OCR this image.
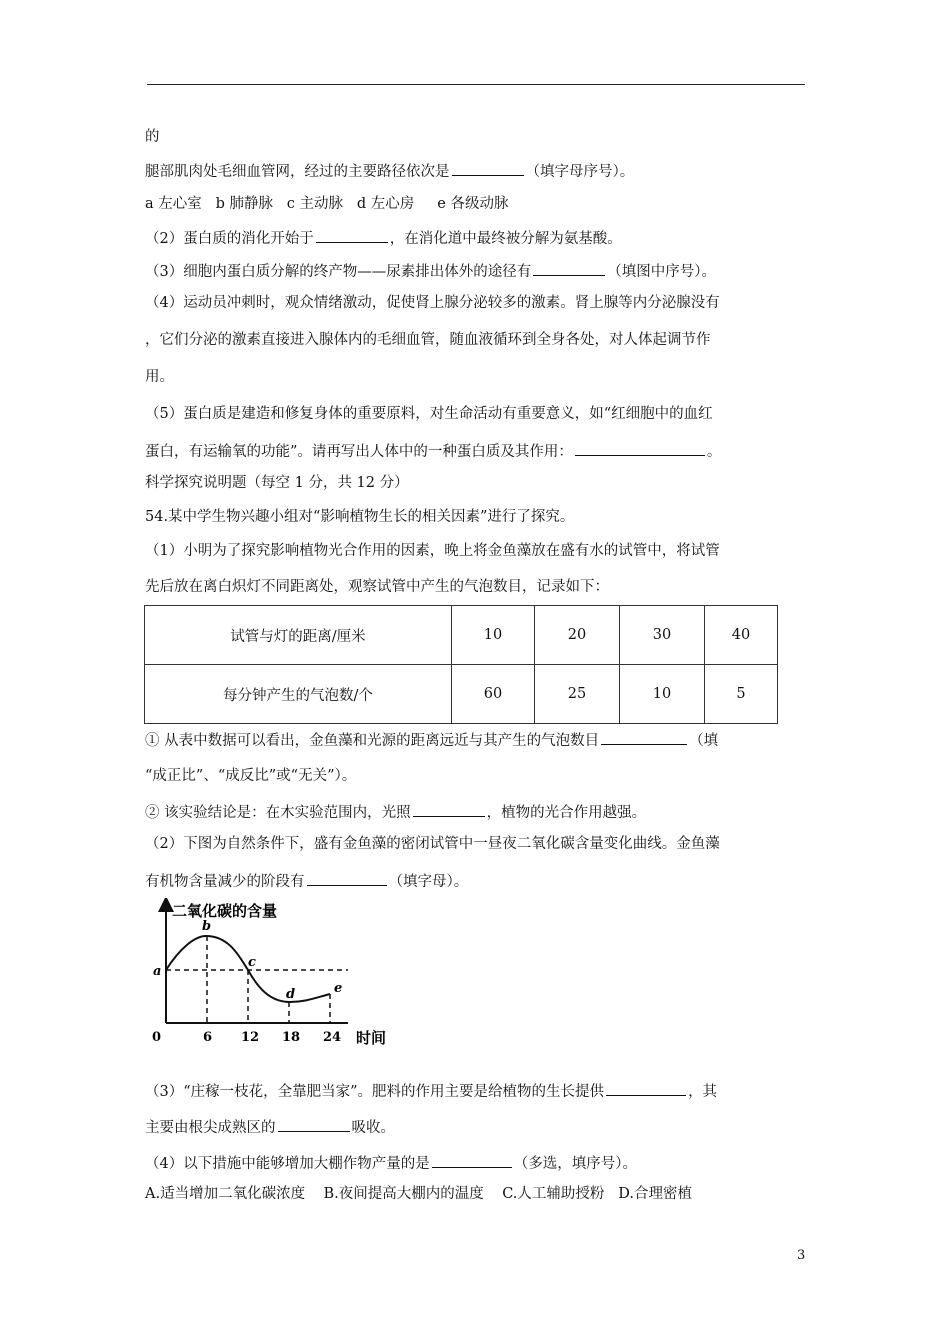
的
腿部肌肉处毛细血管网，经过的主要路径依次是	（填字母序号）。
a 左心室   b 肺静脉   c 主动脉   d 左心房     e 各级动脉
（2）蛋白质的消化开始于	，在消化道中最终被分解为氨基酸。
（3）细胞内蛋白质分解的终产物——尿素排出体外的途径有	（填图中序号）。
（4）运动员冲刺时，观众情绪激动，促使肾上腺分泌较多的激素。肾上腺等内分泌腺没有
，它们分泌的激素直接进入腺体内的毛细血管，随血液循环到全身各处，对人体起调节作
用。
（5）蛋白质是建造和修复身体的重要原料，对生命活动有重要意义，如“红细胞中的血红
蛋白，有运输氧的功能”。请再写出人体中的一种蛋白质及其作用：	。
科学探究说明题（每空 1 分，共 12 分）
54.某中学生物兴趣小组对“影响植物生长的相关因素”进行了探究。
（1）小明为了探究影响植物光合作用的因素，晚上将金鱼藻放在盛有水的试管中，将试管
先后放在离白炽灯不同距离处，观察试管中产生的气泡数目，记录如下：
试管与灯的距离/厘米	10	20	30	40
每分钟产生的气泡数/个	60	25	10	5
① 从表中数据可以看出，金鱼藻和光源的距离远近与其产生的气泡数目	（填
“成正比”、“成反比”或“无关”）。
② 该实验结论是：在木实验范围内，光照	，植物的光合作用越强。
（2）下图为自然条件下，盛有金鱼藻的密闭试管中一昼夜二氧化碳含量变化曲线。金鱼藻
有机物含量减少的阶段有	（填字母）。
二氧化碳的含量
时间
0	6 12 18 24
a
b
c
d	e
（3）“庄稼一枝花，全靠肥当家”。肥料的作用主要是给植物的生长提供	，其
主要由根尖成熟区的	吸收。
（4）以下措施中能够增加大棚作物产量的是	（多选，填序号）。
A.适当增加二氧化碳浓度    B.夜间提高大棚内的温度    C.人工辅助授粉   D.合理密植
3
